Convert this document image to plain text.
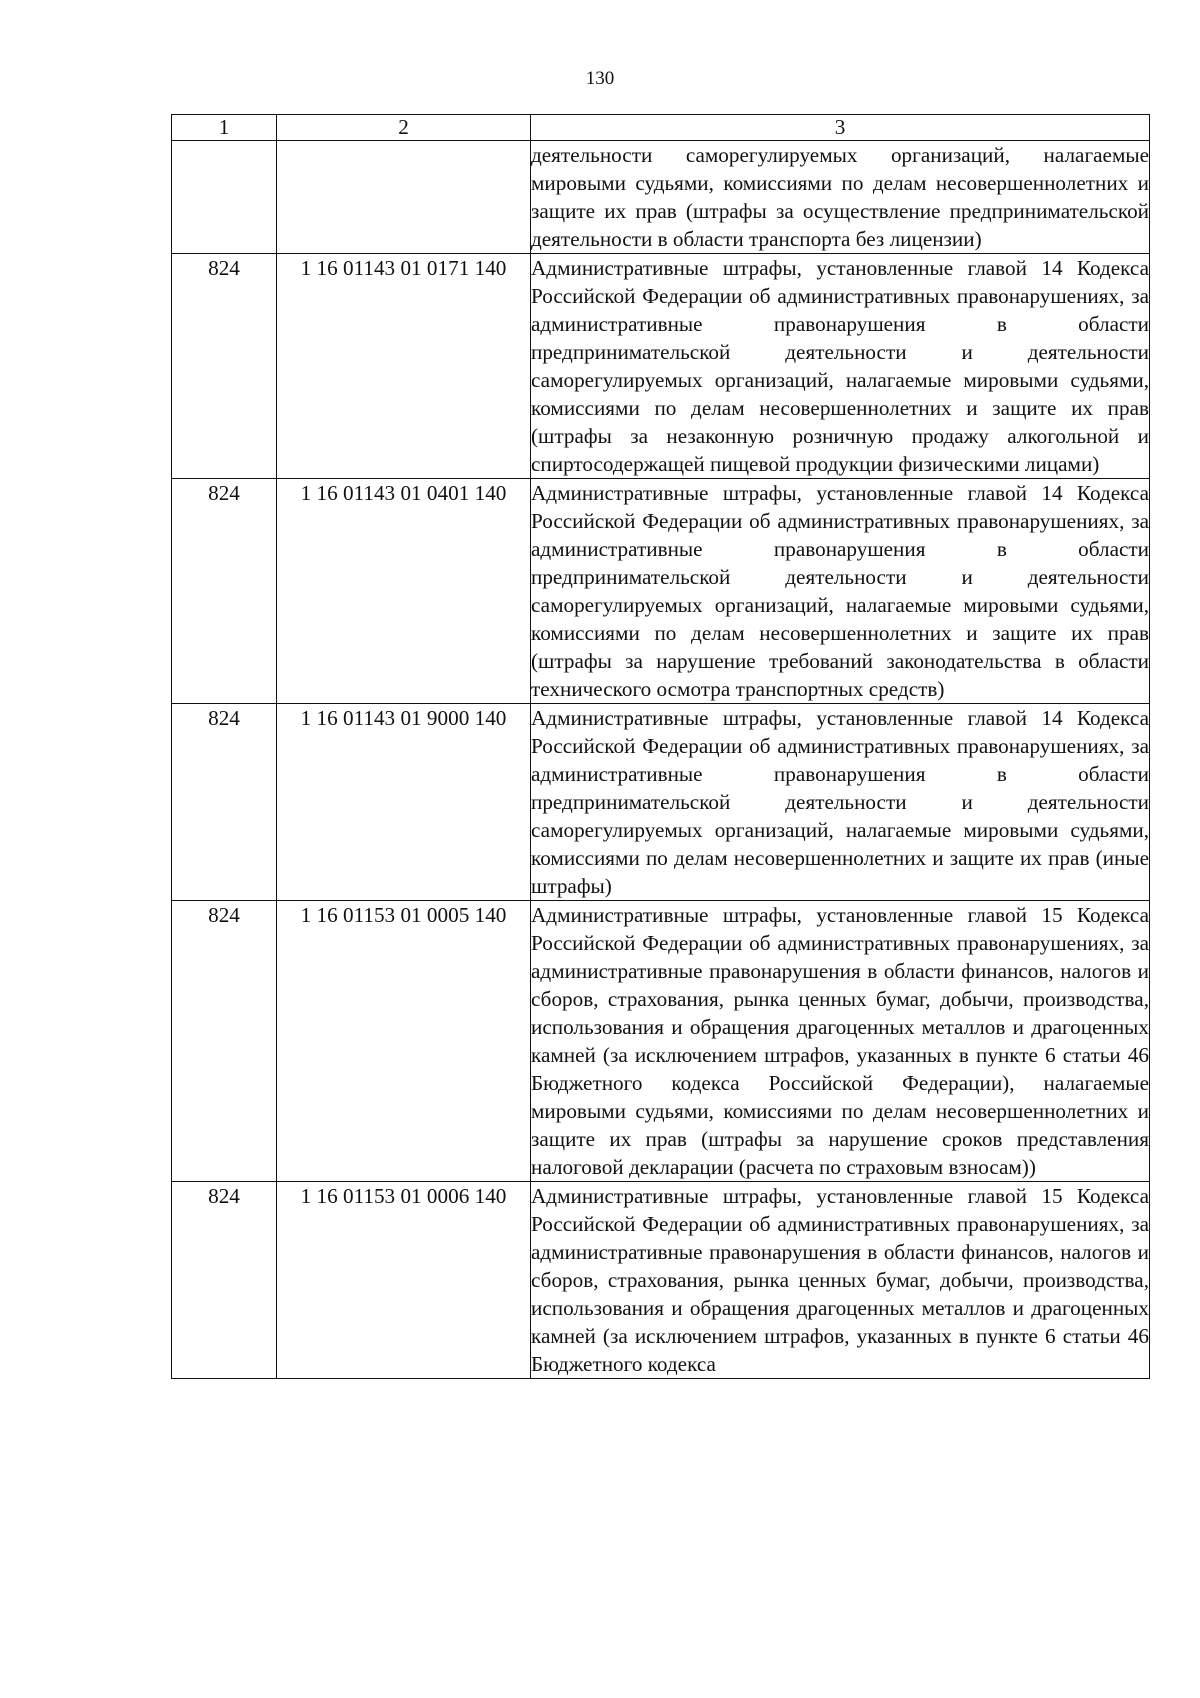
130
1	2	3
		деятельности саморегулируемых организаций, налагаемые мировыми судьями, комиссиями по делам несовершеннолетних и защите их прав (штрафы за осуществление предпринимательской деятельности в области транспорта без лицензии)
824	1 16 01143 01 0171 140	Административные штрафы, установленные главой 14 Кодекса Российской Федерации об административных правонарушениях, за административные правонарушения в области предпринимательской деятельности и деятельности саморегулируемых организаций, налагаемые мировыми судьями, комиссиями по делам несовершеннолетних и защите их прав (штрафы за незаконную розничную продажу алкогольной и спиртосодержащей пищевой продукции физическими лицами)
824	1 16 01143 01 0401 140	Административные штрафы, установленные главой 14 Кодекса Российской Федерации об административных правонарушениях, за административные правонарушения в области предпринимательской деятельности и деятельности саморегулируемых организаций, налагаемые мировыми судьями, комиссиями по делам несовершеннолетних и защите их прав (штрафы за нарушение требований законодательства в области технического осмотра транспортных средств)
824	1 16 01143 01 9000 140	Административные штрафы, установленные главой 14 Кодекса Российской Федерации об административных правонарушениях, за административные правонарушения в области предпринимательской деятельности и деятельности саморегулируемых организаций, налагаемые мировыми судьями, комиссиями по делам несовершеннолетних и защите их прав (иные штрафы)
824	1 16 01153 01 0005 140	Административные штрафы, установленные главой 15 Кодекса Российской Федерации об административных правонарушениях, за административные правонарушения в области финансов, налогов и сборов, страхования, рынка ценных бумаг, добычи, производства, использования и обращения драгоценных металлов и драгоценных камней (за исключением штрафов, указанных в пункте 6 статьи 46 Бюджетного кодекса Российской Федерации), налагаемые мировыми судьями, комиссиями по делам несовершеннолетних и защите их прав (штрафы за нарушение сроков представления налоговой декларации (расчета по страховым взносам))
824	1 16 01153 01 0006 140	Административные штрафы, установленные главой 15 Кодекса Российской Федерации об административных правонарушениях, за административные правонарушения в области финансов, налогов и сборов, страхования, рынка ценных бумаг, добычи, производства, использования и обращения драгоценных металлов и драгоценных камней (за исключением штрафов, указанных в пункте 6 статьи 46 Бюджетного кодекса
